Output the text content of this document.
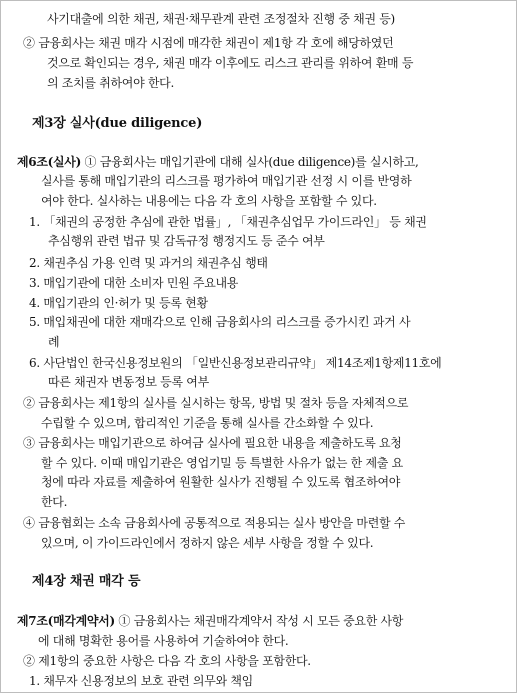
사기대출에 의한 채권, 채권·채무관계 관련 조정절차 진행 중 채권 등)
② 금융회사는 채권 매각 시점에 매각한 채권이 제1항 각 호에 해당하였던
것으로 확인되는 경우, 채권 매각 이후에도 리스크 관리를 위하여 환매 등
의 조치를 취하여야 한다.
제3장 실사(due diligence)
제6조(실사) ① 금융회사는 매입기관에 대해 실사(due diligence)를 실시하고,
실사를 통해 매입기관의 리스크를 평가하여 매입기관 선정 시 이를 반영하
여야 한다. 실사하는 내용에는 다음 각 호의 사항을 포함할 수 있다.
1. 「채권의 공정한 추심에 관한 법률」, 「채권추심업무 가이드라인」 등 채권
추심행위 관련 법규 및 감독규정 행정지도 등 준수 여부
2. 채권추심 가용 인력 및 과거의 채권추심 행태
3. 매입기관에 대한 소비자 민원 주요내용
4. 매입기관의 인·허가 및 등록 현황
5. 매입채권에 대한 재매각으로 인해 금융회사의 리스크를 증가시킨 과거 사
례
6. 사단법인 한국신용정보원의 「일반신용정보관리규약」 제14조제1항제11호에
따른 채권자 변동정보 등록 여부
② 금융회사는 제1항의 실사를 실시하는 항목, 방법 및 절차 등을 자체적으로
수립할 수 있으며, 합리적인 기준을 통해 실사를 간소화할 수 있다.
③ 금융회사는 매입기관으로 하여금 실사에 필요한 내용을 제출하도록 요청
할 수 있다. 이때 매입기관은 영업기밀 등 특별한 사유가 없는 한 제출 요
청에 따라 자료를 제출하여 원활한 실사가 진행될 수 있도록 협조하여야
한다.
④ 금융협회는 소속 금융회사에 공통적으로 적용되는 실사 방안을 마련할 수
있으며, 이 가이드라인에서 정하지 않은 세부 사항을 정할 수 있다.
제4장 채권 매각 등
제7조(매각계약서) ① 금융회사는 채권매각계약서 작성 시 모든 중요한 사항
에 대해 명확한 용어를 사용하여 기술하여야 한다.
② 제1항의 중요한 사항은 다음 각 호의 사항을 포함한다.
1. 채무자 신용정보의 보호 관련 의무와 책임
